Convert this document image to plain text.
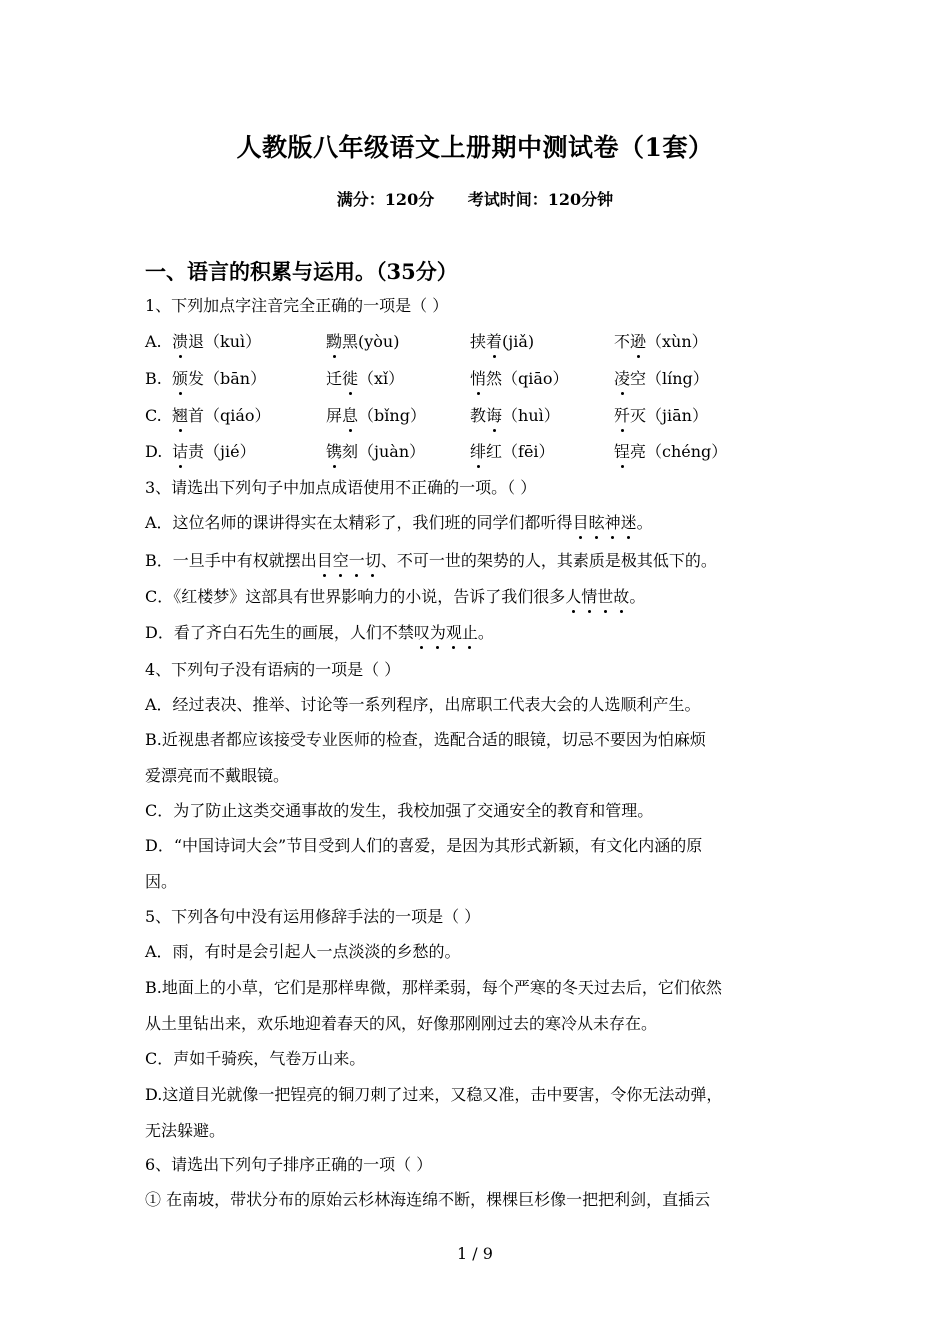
人教版八年级语文上册期中测试卷（1套）
满分：120分 考试时间：120分钟
一、语言的积累与运用。（35分）
1、下列加点字注音完全正确的一项是（ ）
A. 溃退（kuì）	黝黑(yòu)	挟着(jiǎ)	不逊（xùn）
B. 颁发（bān）	迁徙（xǐ）	悄然（qiāo）	凌空（líng）
C. 翘首（qiáo）	屏息（bǐng）	教诲（huì）	歼灭（jiān）
D. 诘责（jié）	镌刻（juàn）	绯红（fēi）	锃亮（chéng）
3、请选出下列句子中加点成语使用不正确的一项。（ ）
A．这位名师的课讲得实在太精彩了，我们班的同学们都听得目眩神迷。
B．一旦手中有权就摆出目空一切、不可一世的架势的人，其素质是极其低下的。
C．《红楼梦》这部具有世界影响力的小说，告诉了我们很多人情世故。
D．看了齐白石先生的画展，人们不禁叹为观止。
4、下列句子没有语病的一项是（ ）
A．经过表决、推举、讨论等一系列程序，出席职工代表大会的人选顺利产生。
B.近视患者都应该接受专业医师的检查，选配合适的眼镜，切忌不要因为怕麻烦
爱漂亮而不戴眼镜。
C．为了防止这类交通事故的发生，我校加强了交通安全的教育和管理。
D．“中国诗词大会”节目受到人们的喜爱，是因为其形式新颖，有文化内涵的原
因。
5、下列各句中没有运用修辞手法的一项是（ ）
A．雨，有时是会引起人一点淡淡的乡愁的。
B.地面上的小草，它们是那样卑微，那样柔弱，每个严寒的冬天过去后，它们依然
从土里钻出来，欢乐地迎着春天的风，好像那刚刚过去的寒冷从未存在。
C．声如千骑疾，气卷万山来。
D.这道目光就像一把锃亮的铜刀刺了过来，又稳又准，击中要害，令你无法动弹，
无法躲避。
6、请选出下列句子排序正确的一项（ ）
① 在南坡，带状分布的原始云杉林海连绵不断，棵棵巨杉像一把把利剑，直插云
1 / 9
